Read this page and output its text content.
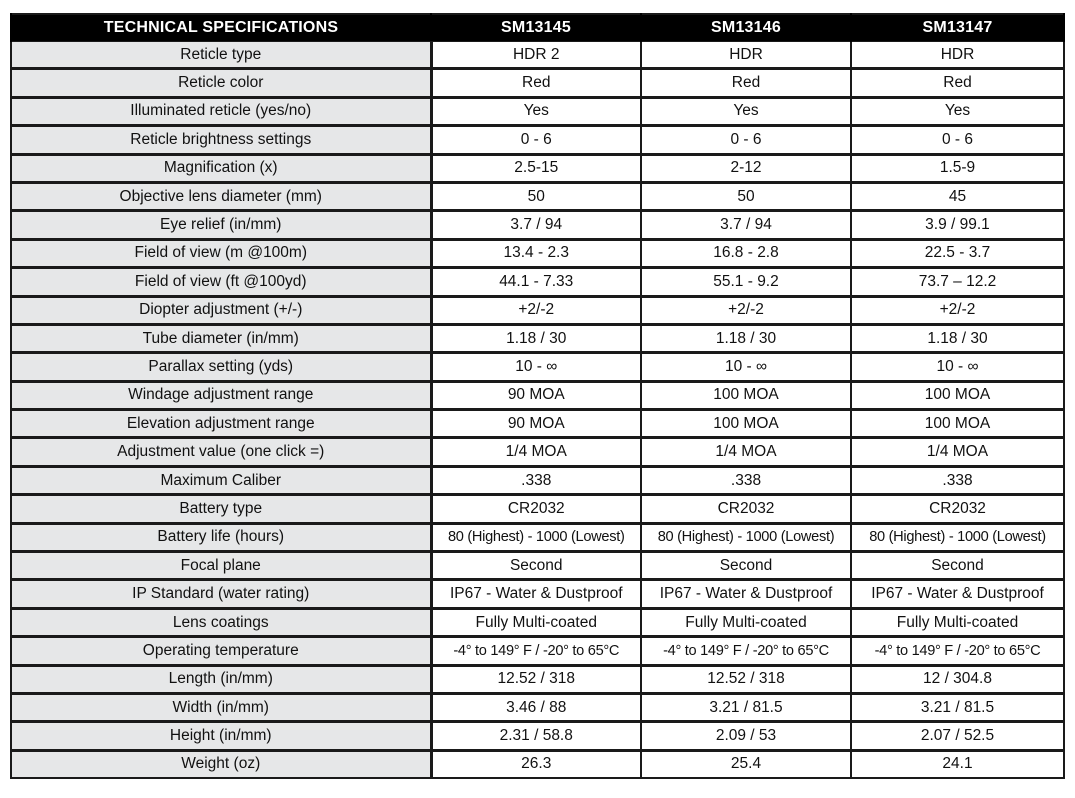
TECHNICAL SPECIFICATIONS	SM13145	SM13146	SM13147
Reticle type	HDR 2	HDR	HDR
Reticle color	Red	Red	Red
Illuminated reticle (yes/no)	Yes	Yes	Yes
Reticle brightness settings	0 - 6	0 - 6	0 - 6
Magnification (x)	2.5-15	2-12	1.5-9
Objective lens diameter (mm)	50	50	45
Eye relief (in/mm)	3.7 / 94	3.7 / 94	3.9 / 99.1
Field of view (m @100m)	13.4 - 2.3	16.8 - 2.8	22.5 - 3.7
Field of view (ft @100yd)	44.1 - 7.33	55.1 - 9.2	73.7 – 12.2
Diopter adjustment (+/-)	+2/-2	+2/-2	+2/-2
Tube diameter (in/mm)	1.18 / 30	1.18 / 30	1.18 / 30
Parallax setting (yds)	10 - ∞	10 - ∞	10 - ∞
Windage adjustment range	90 MOA	100 MOA	100 MOA
Elevation adjustment range	90 MOA	100 MOA	100 MOA
Adjustment value (one click =)	1/4 MOA	1/4 MOA	1/4 MOA
Maximum Caliber	.338	.338	.338
Battery type	CR2032	CR2032	CR2032
Battery life (hours)	80 (Highest) - 1000 (Lowest)	80 (Highest) - 1000 (Lowest)	80 (Highest) - 1000 (Lowest)
Focal plane	Second	Second	Second
IP Standard (water rating)	IP67 - Water & Dustproof	IP67 - Water & Dustproof	IP67 - Water & Dustproof
Lens coatings	Fully Multi-coated	Fully Multi-coated	Fully Multi-coated
Operating temperature	-4° to 149° F / -20° to 65°C	-4° to 149° F / -20° to 65°C	-4° to 149° F / -20° to 65°C
Length (in/mm)	12.52 / 318	12.52 / 318	12 / 304.8
Width (in/mm)	3.46 / 88	3.21 / 81.5	3.21 / 81.5
Height (in/mm)	2.31 / 58.8	2.09 / 53	2.07 / 52.5
Weight (oz)	26.3	25.4	24.1
